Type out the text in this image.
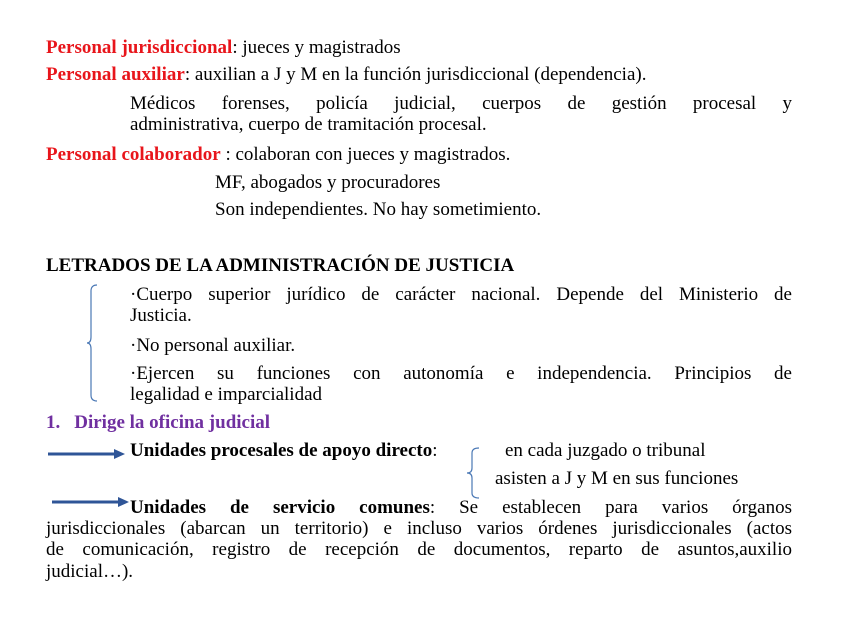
Personal jurisdiccional: jueces y magistrados
Personal auxiliar: auxilian a J y M en la función jurisdiccional (dependencia).
Médicos forenses, policía judicial, cuerpos de gestión procesal y
administrativa, cuerpo de tramitación procesal.
Personal colaborador : colaboran con jueces y magistrados.
MF, abogados y procuradores
Son independientes. No hay sometimiento.
LETRADOS DE LA ADMINISTRACIÓN DE JUSTICIA
·Cuerpo superior jurídico de carácter nacional. Depende del Ministerio de
Justicia.
·No personal auxiliar.
·Ejercen su funciones con autonomía e independencia. Principios de
legalidad e imparcialidad
1. Dirige la oficina judicial
Unidades procesales de apoyo directo:	en cada juzgado o tribunal
asisten a J y M en sus funciones
Unidades de servicio comunes: Se establecen para varios órganos
jurisdiccionales (abarcan un territorio) e incluso varios órdenes jurisdiccionales (actos
de comunicación, registro de recepción de documentos, reparto de asuntos,auxilio
judicial…).
